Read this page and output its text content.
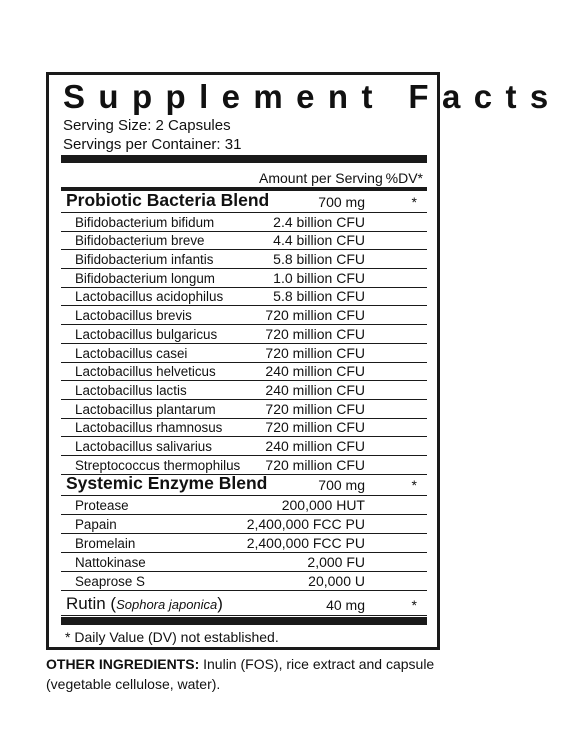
Supplement Facts
Serving Size: 2 Capsules
Servings per Container: 31
Amount per Serving %DV*
Probiotic Bacteria Blend	700 mg	*
Bifidobacterium bifidum	2.4 billion CFU
Bifidobacterium breve	4.4 billion CFU
Bifidobacterium infantis	5.8 billion CFU
Bifidobacterium longum	1.0 billion CFU
Lactobacillus acidophilus	5.8 billion CFU
Lactobacillus brevis	720 million CFU
Lactobacillus bulgaricus	720 million CFU
Lactobacillus casei	720 million CFU
Lactobacillus helveticus	240 million CFU
Lactobacillus lactis	240 million CFU
Lactobacillus plantarum	720 million CFU
Lactobacillus rhamnosus	720 million CFU
Lactobacillus salivarius	240 million CFU
Streptococcus thermophilus 720 million CFU
Systemic Enzyme Blend	700 mg	*
Protease	200,000 HUT
Papain	2,400,000 FCC PU
Bromelain	2,400,000 FCC PU
Nattokinase	2,000 FU
Seaprose S	20,000 U
Rutin (Sophora japonica)	40 mg	*
* Daily Value (DV) not established.
OTHER INGREDIENTS: Inulin (FOS), rice extract and capsule (vegetable cellulose, water).
